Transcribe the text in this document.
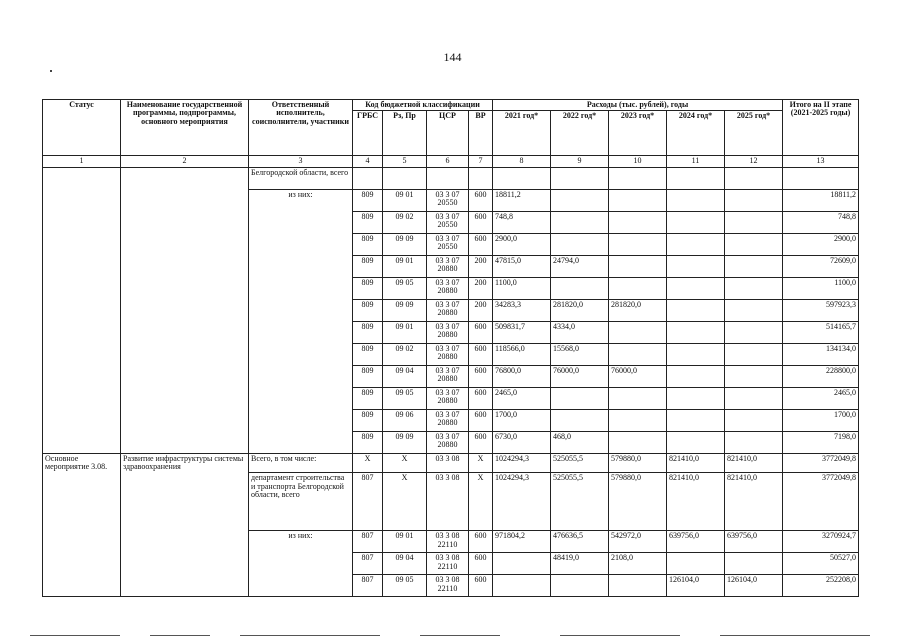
144
Статус	Наименование государственной программы, подпрограммы, основного мероприятия	Ответственный исполнитель, соисполнители, участники	Код бюджетной классификации				Расходы (тыс. рублей), годы					Итого на II этапе (2021-2025 годы)
			ГРБС	Рз, Пр	ЦСР	ВР	2021 год*	2022 год*	2023 год*	2024 год*	2025 год*	
1	2	3	4	5	6	7	8	9	10	11	12	13
		Белгородской области, всего										
		из них:	809	09 01	03 3 07 20550	600	18811,2					18811,2
			809	09 02	03 3 07 20550	600	748,8					748,8
			809	09 09	03 3 07 20550	600	2900,0					2900,0
			809	09 01	03 3 07 20880	200	47815,0	24794,0				72609,0
			809	09 05	03 3 07 20880	200	1100,0					1100,0
			809	09 09	03 3 07 20880	200	34283,3	281820,0	281820,0			597923,3
			809	09 01	03 3 07 20880	600	509831,7	4334,0				514165,7
			809	09 02	03 3 07 20880	600	118566,0	15568,0				134134,0
			809	09 04	03 3 07 20880	600	76800,0	76000,0	76000,0			228800,0
			809	09 05	03 3 07 20880	600	2465,0					2465,0
			809	09 06	03 3 07 20880	600	1700,0					1700,0
			809	09 09	03 3 07 20880	600	6730,0	468,0				7198,0
Основное мероприятие 3.08.	Развитие инфраструктуры системы здравоохранения	Всего, в том числе:	Х	Х	03 3 08	Х	1024294,3	525055,5	579880,0	821410,0	821410,0	3772049,8
		департамент строительства и транспорта Белгородской области, всего	807	Х	03 3 08	Х	1024294,3	525055,5	579880,0	821410,0	821410,0	3772049,8
		из них:	807	09 01	03 3 08 22110	600	971804,2	476636,5	542972,0	639756,0	639756,0	3270924,7
			807	09 04	03 3 08 22110	600		48419,0	2108,0			50527,0
			807	09 05	03 3 08 22110	600				126104,0	126104,0	252208,0
